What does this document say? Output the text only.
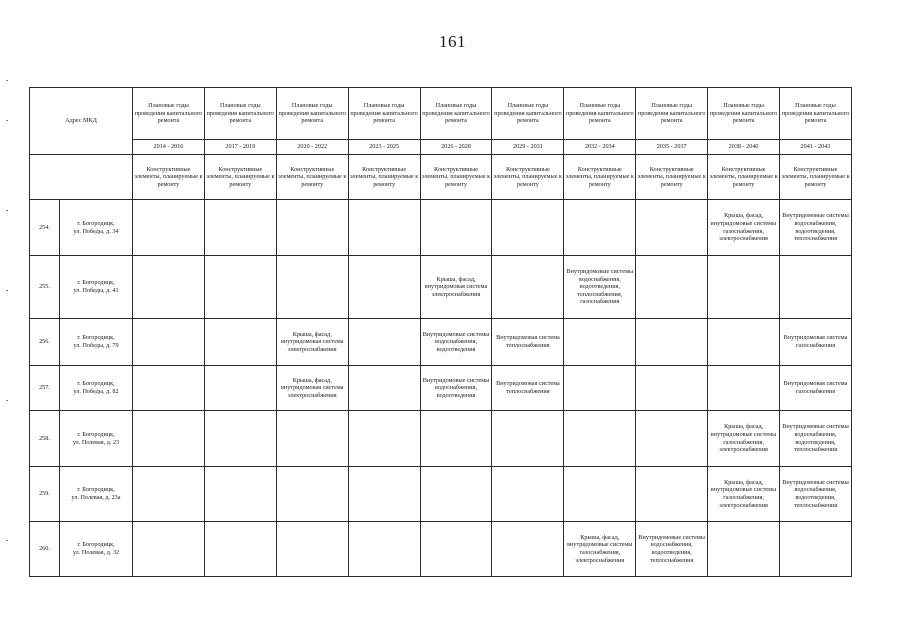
161
Адрес МКД		Плановые годы проведения капитального ремонта	Плановые годы проведения капитального ремонта	Плановые годы проведения капитального ремонта	Плановые годы проведения капитального ремонта	Плановые годы проведения капитального ремонта	Плановые годы проведения капитального ремонта	Плановые годы проведения капитального ремонта	Плановые годы проведения капитального ремонта	Плановые годы проведения капитального ремонта	Плановые годы проведения капитального ремонта
		2014 - 2016	2017 - 2019	2020 - 2022	2023 - 2025	2026 - 2028	2029 - 2031	2032 - 2034	2035 - 2037	2038 - 2040	2041 - 2043
		Конструктивные элементы, планируемые к ремонту	Конструктивные элементы, планируемые к ремонту	Конструктивные элементы, планируемые к ремонту	Конструктивные элементы, планируемые к ремонту	Конструктивные элементы, планируемые к ремонту	Конструктивные элементы, планируемые к ремонту	Конструктивные элементы, планируемые к ремонту	Конструктивные элементы, планируемые к ремонту	Конструктивные элементы, планируемые к ремонту	Конструктивные элементы, планируемые к ремонту
254.	г. Богородицк,
ул. Победы, д. 34									Крыша, фасад, внутридомовые системы газоснабжения, электроснабжения	Внутридомовые системы водоснабжения, водоотведения, теплоснабжения
255.	г. Богородицк,
ул. Победы, д. 41					Крыша, фасад, внутридомовая система электроснабжения		Внутридомовые системы водоснабжения, водоотведения, теплоснабжения, газоснабжения			
256.	г. Богородицк,
ул. Победы, д. 79			Крыша, фасад, внутридомовая система электроснабжения		Внутридомовые системы водоснабжения, водоотведения	Внутридомовая система теплоснабжения				Внутридомовая система газоснабжения
257.	г. Богородицк,
ул. Победы, д. 82			Крыша, фасад, внутридомовая система электроснабжения		Внутридомовые системы водоснабжения, водоотведения	Внутридомовая система теплоснабжения				Внутридомовая система газоснабжения
258.	г. Богородицк,
ул. Полевая, д. 23									Крыша, фасад, внутридомовые системы газоснабжения, электроснабжения	Внутридомовые системы водоснабжения, водоотведения, теплоснабжения
259.	г. Богородицк,
ул. Полевая, д. 23а									Крыша, фасад, внутридомовые системы газоснабжения, электроснабжения	Внутридомовые системы водоснабжения, водоотведения, теплоснабжения
260.	г. Богородицк,
ул. Полевая, д. 32							Крыша, фасад, внутридомовые системы газоснабжения, электроснабжения	Внутридомовые системы водоснабжения, водоотведения, теплоснабжения		
